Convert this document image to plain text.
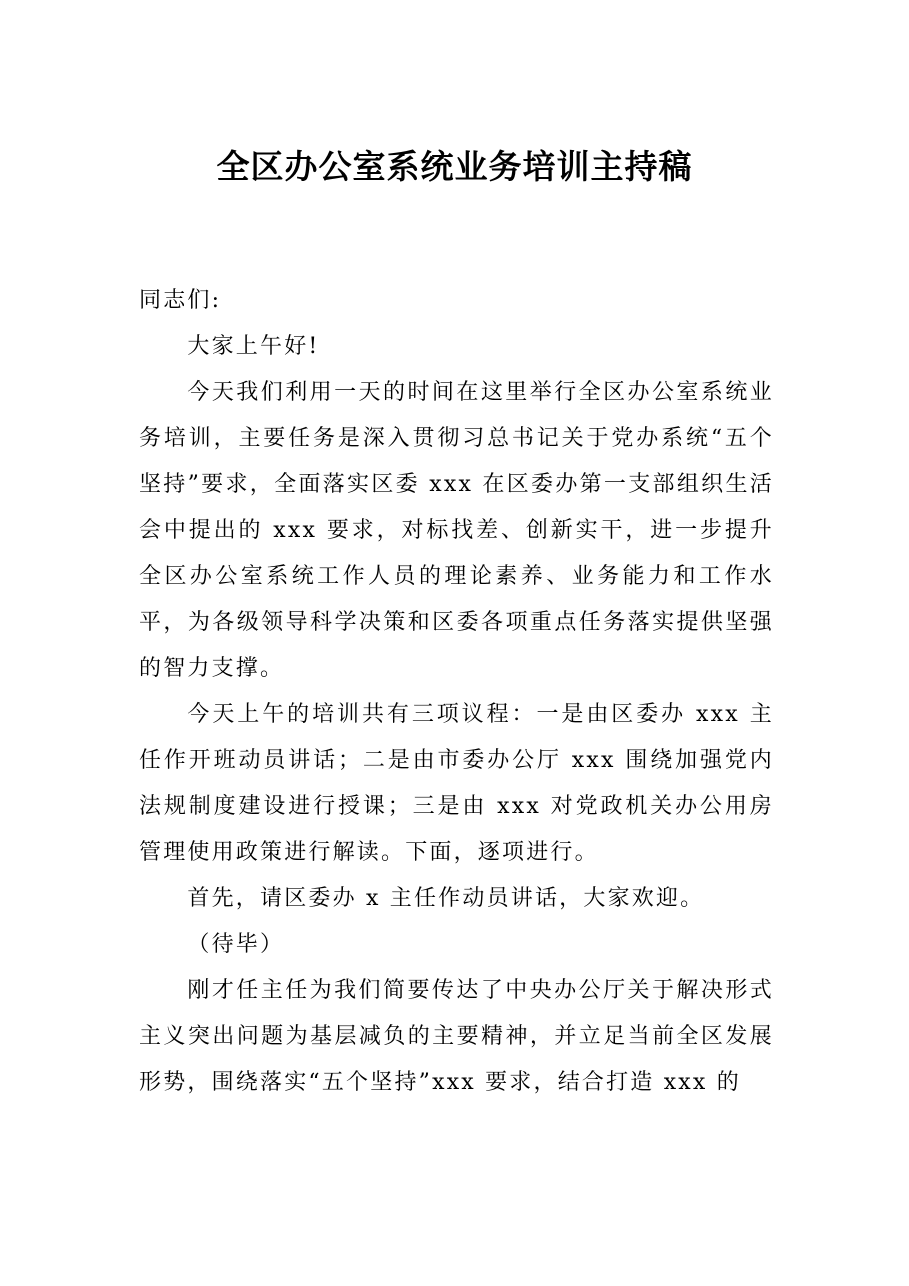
全区办公室系统业务培训主持稿

同志们:

大家上午好!

今天我们利用一天的时间在这里举行全区办公室系统业务培训，主要任务是深入贯彻习总书记关于党办系统“五个坚持”要求，全面落实区委 xxx 在区委办第一支部组织生活会中提出的 xxx 要求，对标找差、创新实干，进一步提升全区办公室系统工作人员的理论素养、业务能力和工作水平，为各级领导科学决策和区委各项重点任务落实提供坚强的智力支撑。

今天上午的培训共有三项议程：一是由区委办 xxx 主任作开班动员讲话；二是由市委办公厅 xxx 围绕加强党内法规制度建设进行授课；三是由 xxx 对党政机关办公用房管理使用政策进行解读。下面，逐项进行。

首先，请区委办 x 主任作动员讲话，大家欢迎。

（待毕）

刚才任主任为我们简要传达了中央办公厅关于解决形式主义突出问题为基层减负的主要精神，并立足当前全区发展形势，围绕落实“五个坚持”xxx 要求，结合打造 xxx 的
